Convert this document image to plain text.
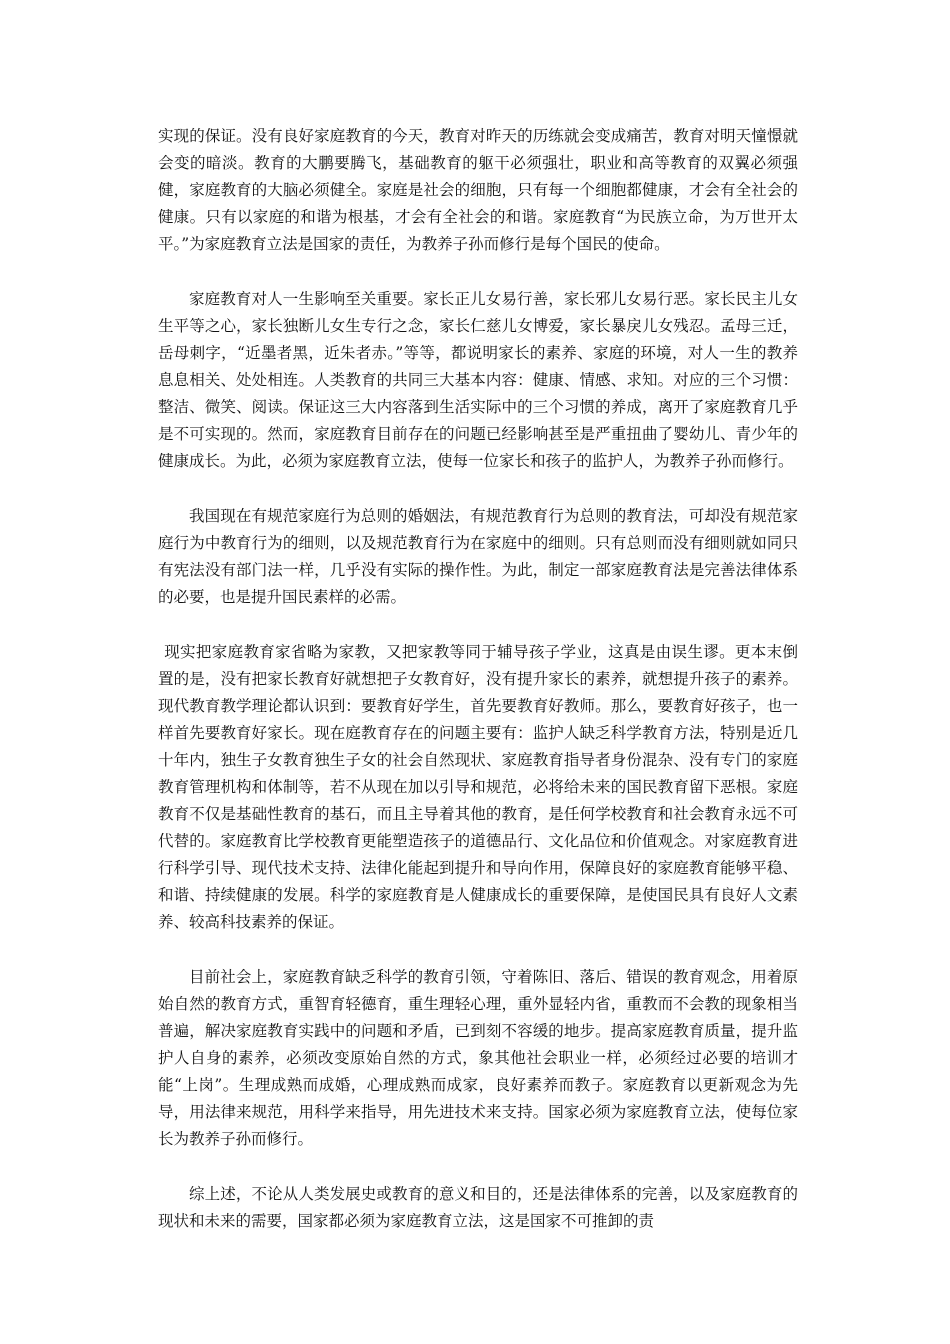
实现的保证。没有良好家庭教育的今天，教育对昨天的历练就会变成痛苦，教育对明天憧憬就会变的暗淡。教育的大鹏要腾飞，基础教育的躯干必须强壮，职业和高等教育的双翼必须强健，家庭教育的大脑必须健全。家庭是社会的细胞，只有每一个细胞都健康，才会有全社会的健康。只有以家庭的和谐为根基，才会有全社会的和谐。家庭教育“为民族立命，为万世开太平。”为家庭教育立法是国家的责任，为教养子孙而修行是每个国民的使命。

家庭教育对人一生影响至关重要。家长正儿女易行善，家长邪儿女易行恶。家长民主儿女生平等之心，家长独断儿女生专行之念，家长仁慈儿女博爱，家长暴戾儿女残忍。孟母三迁，岳母刺字，“近墨者黑，近朱者赤。”等等，都说明家长的素养、家庭的环境，对人一生的教养息息相关、处处相连。人类教育的共同三大基本内容：健康、情感、求知。对应的三个习惯：整洁、微笑、阅读。保证这三大内容落到生活实际中的三个习惯的养成，离开了家庭教育几乎是不可实现的。然而，家庭教育目前存在的问题已经影响甚至是严重扭曲了婴幼儿、青少年的健康成长。为此，必须为家庭教育立法，使每一位家长和孩子的监护人，为教养子孙而修行。

我国现在有规范家庭行为总则的婚姻法，有规范教育行为总则的教育法，可却没有规范家庭行为中教育行为的细则，以及规范教育行为在家庭中的细则。只有总则而没有细则就如同只有宪法没有部门法一样，几乎没有实际的操作性。为此，制定一部家庭教育法是完善法律体系的必要，也是提升国民素样的必需。

现实把家庭教育家省略为家教，又把家教等同于辅导孩子学业，这真是由误生谬。更本末倒置的是，没有把家长教育好就想把子女教育好，没有提升家长的素养，就想提升孩子的素养。现代教育教学理论都认识到：要教育好学生，首先要教育好教师。那么，要教育好孩子，也一样首先要教育好家长。现在庭教育存在的问题主要有：监护人缺乏科学教育方法，特别是近几十年内，独生子女教育独生子女的社会自然现状、家庭教育指导者身份混杂、没有专门的家庭教育管理机构和体制等，若不从现在加以引导和规范，必将给未来的国民教育留下恶根。家庭教育不仅是基础性教育的基石，而且主导着其他的教育，是任何学校教育和社会教育永远不可代替的。家庭教育比学校教育更能塑造孩子的道德品行、文化品位和价值观念。对家庭教育进行科学引导、现代技术支持、法律化能起到提升和导向作用，保障良好的家庭教育能够平稳、和谐、持续健康的发展。科学的家庭教育是人健康成长的重要保障，是使国民具有良好人文素养、较高科技素养的保证。

目前社会上，家庭教育缺乏科学的教育引领，守着陈旧、落后、错误的教育观念，用着原始自然的教育方式，重智育轻德育，重生理轻心理，重外显轻内省，重教而不会教的现象相当普遍，解决家庭教育实践中的问题和矛盾，已到刻不容缓的地步。提高家庭教育质量，提升监护人自身的素养，必须改变原始自然的方式，象其他社会职业一样，必须经过必要的培训才能“上岗”。生理成熟而成婚，心理成熟而成家，良好素养而教子。家庭教育以更新观念为先导，用法律来规范，用科学来指导，用先进技术来支持。国家必须为家庭教育立法，使每位家长为教养子孙而修行。

综上述，不论从人类发展史或教育的意义和目的，还是法律体系的完善，以及家庭教育的现状和未来的需要，国家都必须为家庭教育立法，这是国家不可推卸的责
